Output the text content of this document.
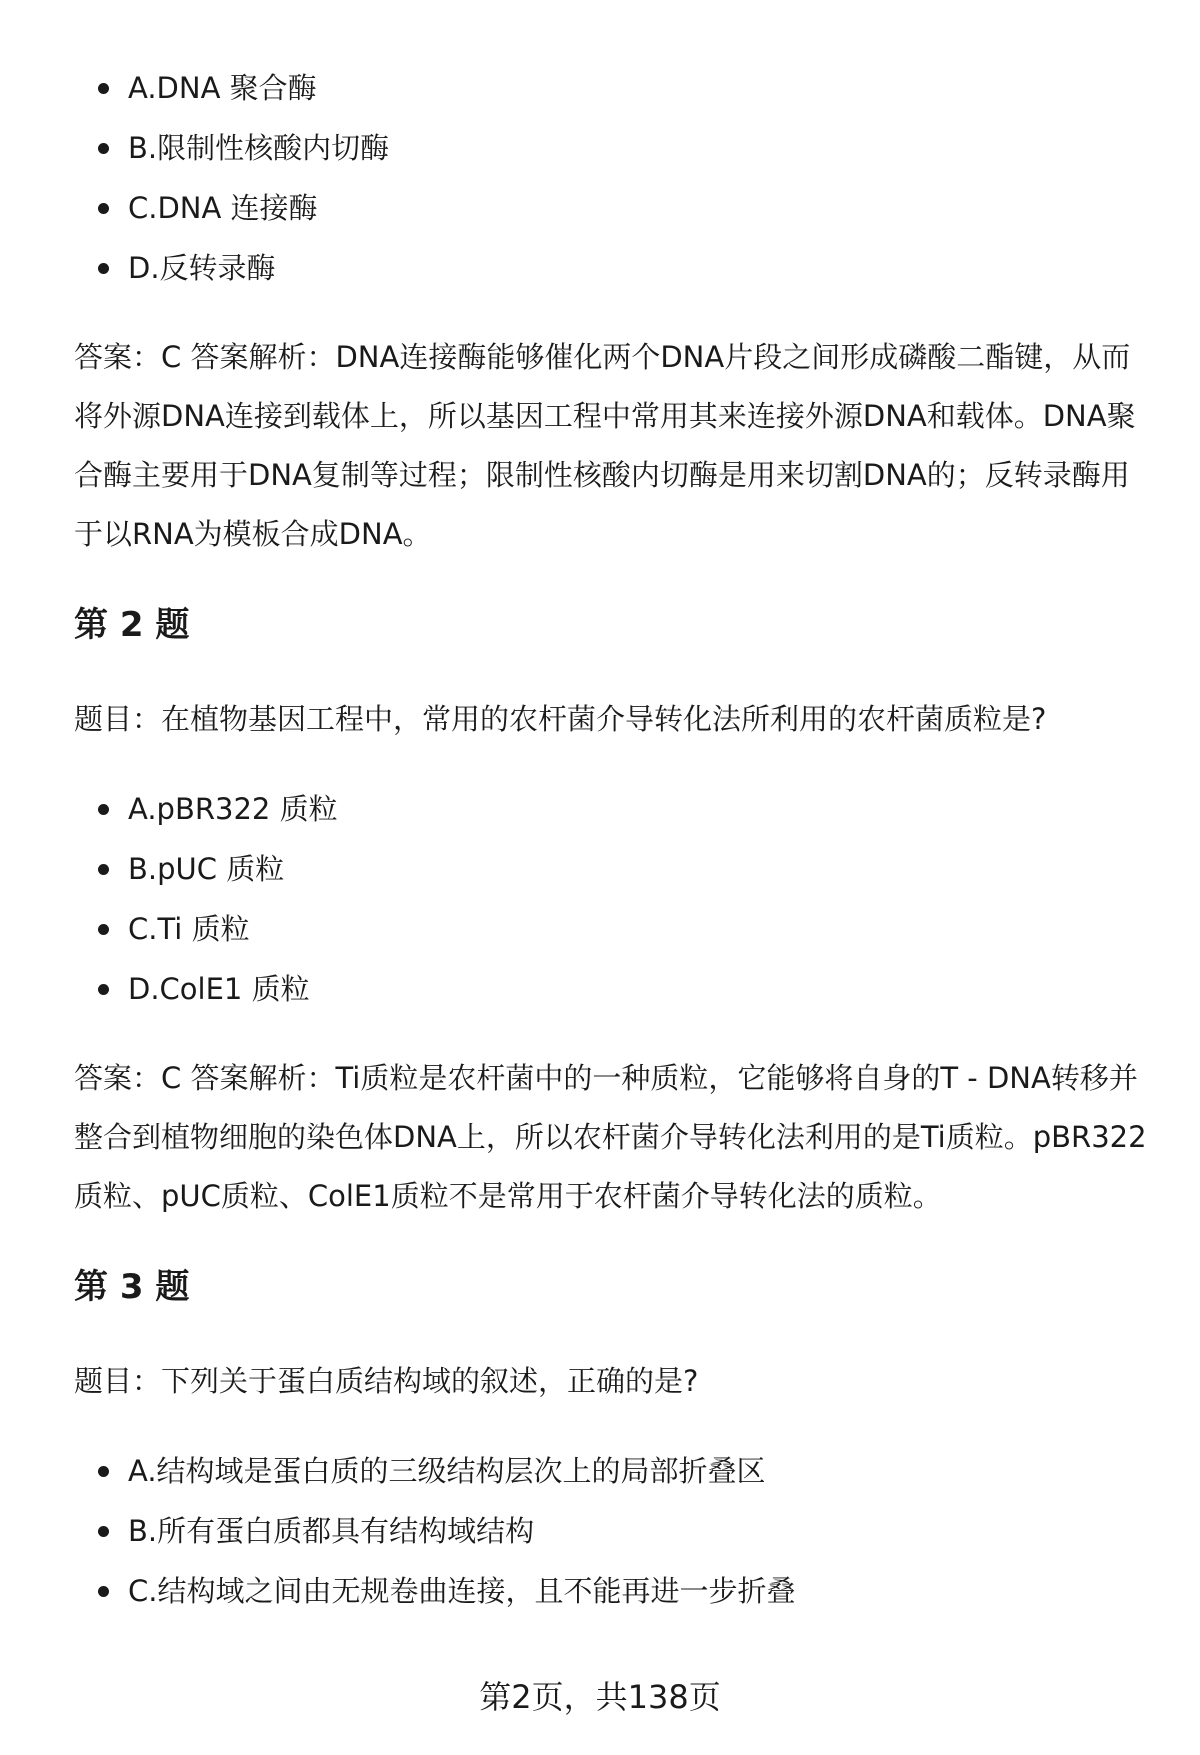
A.DNA 聚合酶
B.限制性核酸内切酶
C.DNA 连接酶
D.反转录酶

答案：C 答案解析：DNA连接酶能够催化两个DNA片段之间形成磷酸二酯键，从而将外源DNA连接到载体上，所以基因工程中常用其来连接外源DNA和载体。DNA聚合酶主要用于DNA复制等过程；限制性核酸内切酶是用来切割DNA的；反转录酶用于以RNA为模板合成DNA。

第 2 题

题目：在植物基因工程中，常用的农杆菌介导转化法所利用的农杆菌质粒是?

A.pBR322 质粒
B.pUC 质粒
C.Ti 质粒
D.ColE1 质粒

答案：C 答案解析：Ti质粒是农杆菌中的一种质粒，它能够将自身的T - DNA转移并整合到植物细胞的染色体DNA上，所以农杆菌介导转化法利用的是Ti质粒。pBR322质粒、pUC质粒、ColE1质粒不是常用于农杆菌介导转化法的质粒。

第 3 题

题目：下列关于蛋白质结构域的叙述，正确的是?

A.结构域是蛋白质的三级结构层次上的局部折叠区
B.所有蛋白质都具有结构域结构
C.结构域之间由无规卷曲连接，且不能再进一步折叠
第2页，共138页
